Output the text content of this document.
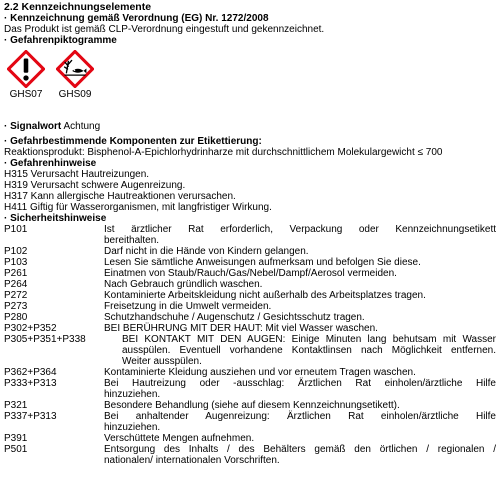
2.2 Kennzeichnungselemente
· Kennzeichnung gemäß Verordnung (EG) Nr. 1272/2008
Das Produkt ist gemäß CLP-Verordnung eingestuft und gekennzeichnet.
· Gefahrenpiktogramme
GHS07 GHS09
· Signalwort Achtung
· Gefahrbestimmende Komponenten zur Etikettierung:
Reaktionsprodukt: Bisphenol-A-Epichlorhydrinharze mit durchschnittlichem Molekulargewicht ≤ 700
· Gefahrenhinweise
H315 Verursacht Hautreizungen.
H319 Verursacht schwere Augenreizung.
H317 Kann allergische Hautreaktionen verursachen.
H411 Giftig für Wasserorganismen, mit langfristiger Wirkung.
· Sicherheitshinweise
P101	Ist ärztlicher Rat erforderlich, Verpackung oder Kennzeichnungsetikett
bereithalten.
P102	Darf nicht in die Hände von Kindern gelangen.
P103	Lesen Sie sämtliche Anweisungen aufmerksam und befolgen Sie diese.
P261	Einatmen von Staub/Rauch/Gas/Nebel/Dampf/Aerosol vermeiden.
P264	Nach Gebrauch gründlich waschen.
P272	Kontaminierte Arbeitskleidung nicht außerhalb des Arbeitsplatzes tragen.
P273	Freisetzung in die Umwelt vermeiden.
P280	Schutzhandschuhe / Augenschutz / Gesichtsschutz tragen.
P302+P352	BEI BERÜHRUNG MIT DER HAUT: Mit viel Wasser waschen.
P305+P351+P338	BEI KONTAKT MIT DEN AUGEN: Einige Minuten lang behutsam mit Wasser
ausspülen. Eventuell vorhandene Kontaktlinsen nach Möglichkeit entfernen.
Weiter ausspülen.
P362+P364	Kontaminierte Kleidung ausziehen und vor erneutem Tragen waschen.
P333+P313	Bei Hautreizung oder -ausschlag: Ärztlichen Rat einholen/ärztliche Hilfe
hinzuziehen.
P321	Besondere Behandlung (siehe auf diesem Kennzeichnungsetikett).
P337+P313	Bei anhaltender Augenreizung: Ärztlichen Rat einholen/ärztliche Hilfe
hinzuziehen.
P391	Verschüttete Mengen aufnehmen.
P501	Entsorgung des Inhalts / des Behälters gemäß den örtlichen / regionalen /
nationalen/ internationalen Vorschriften.
